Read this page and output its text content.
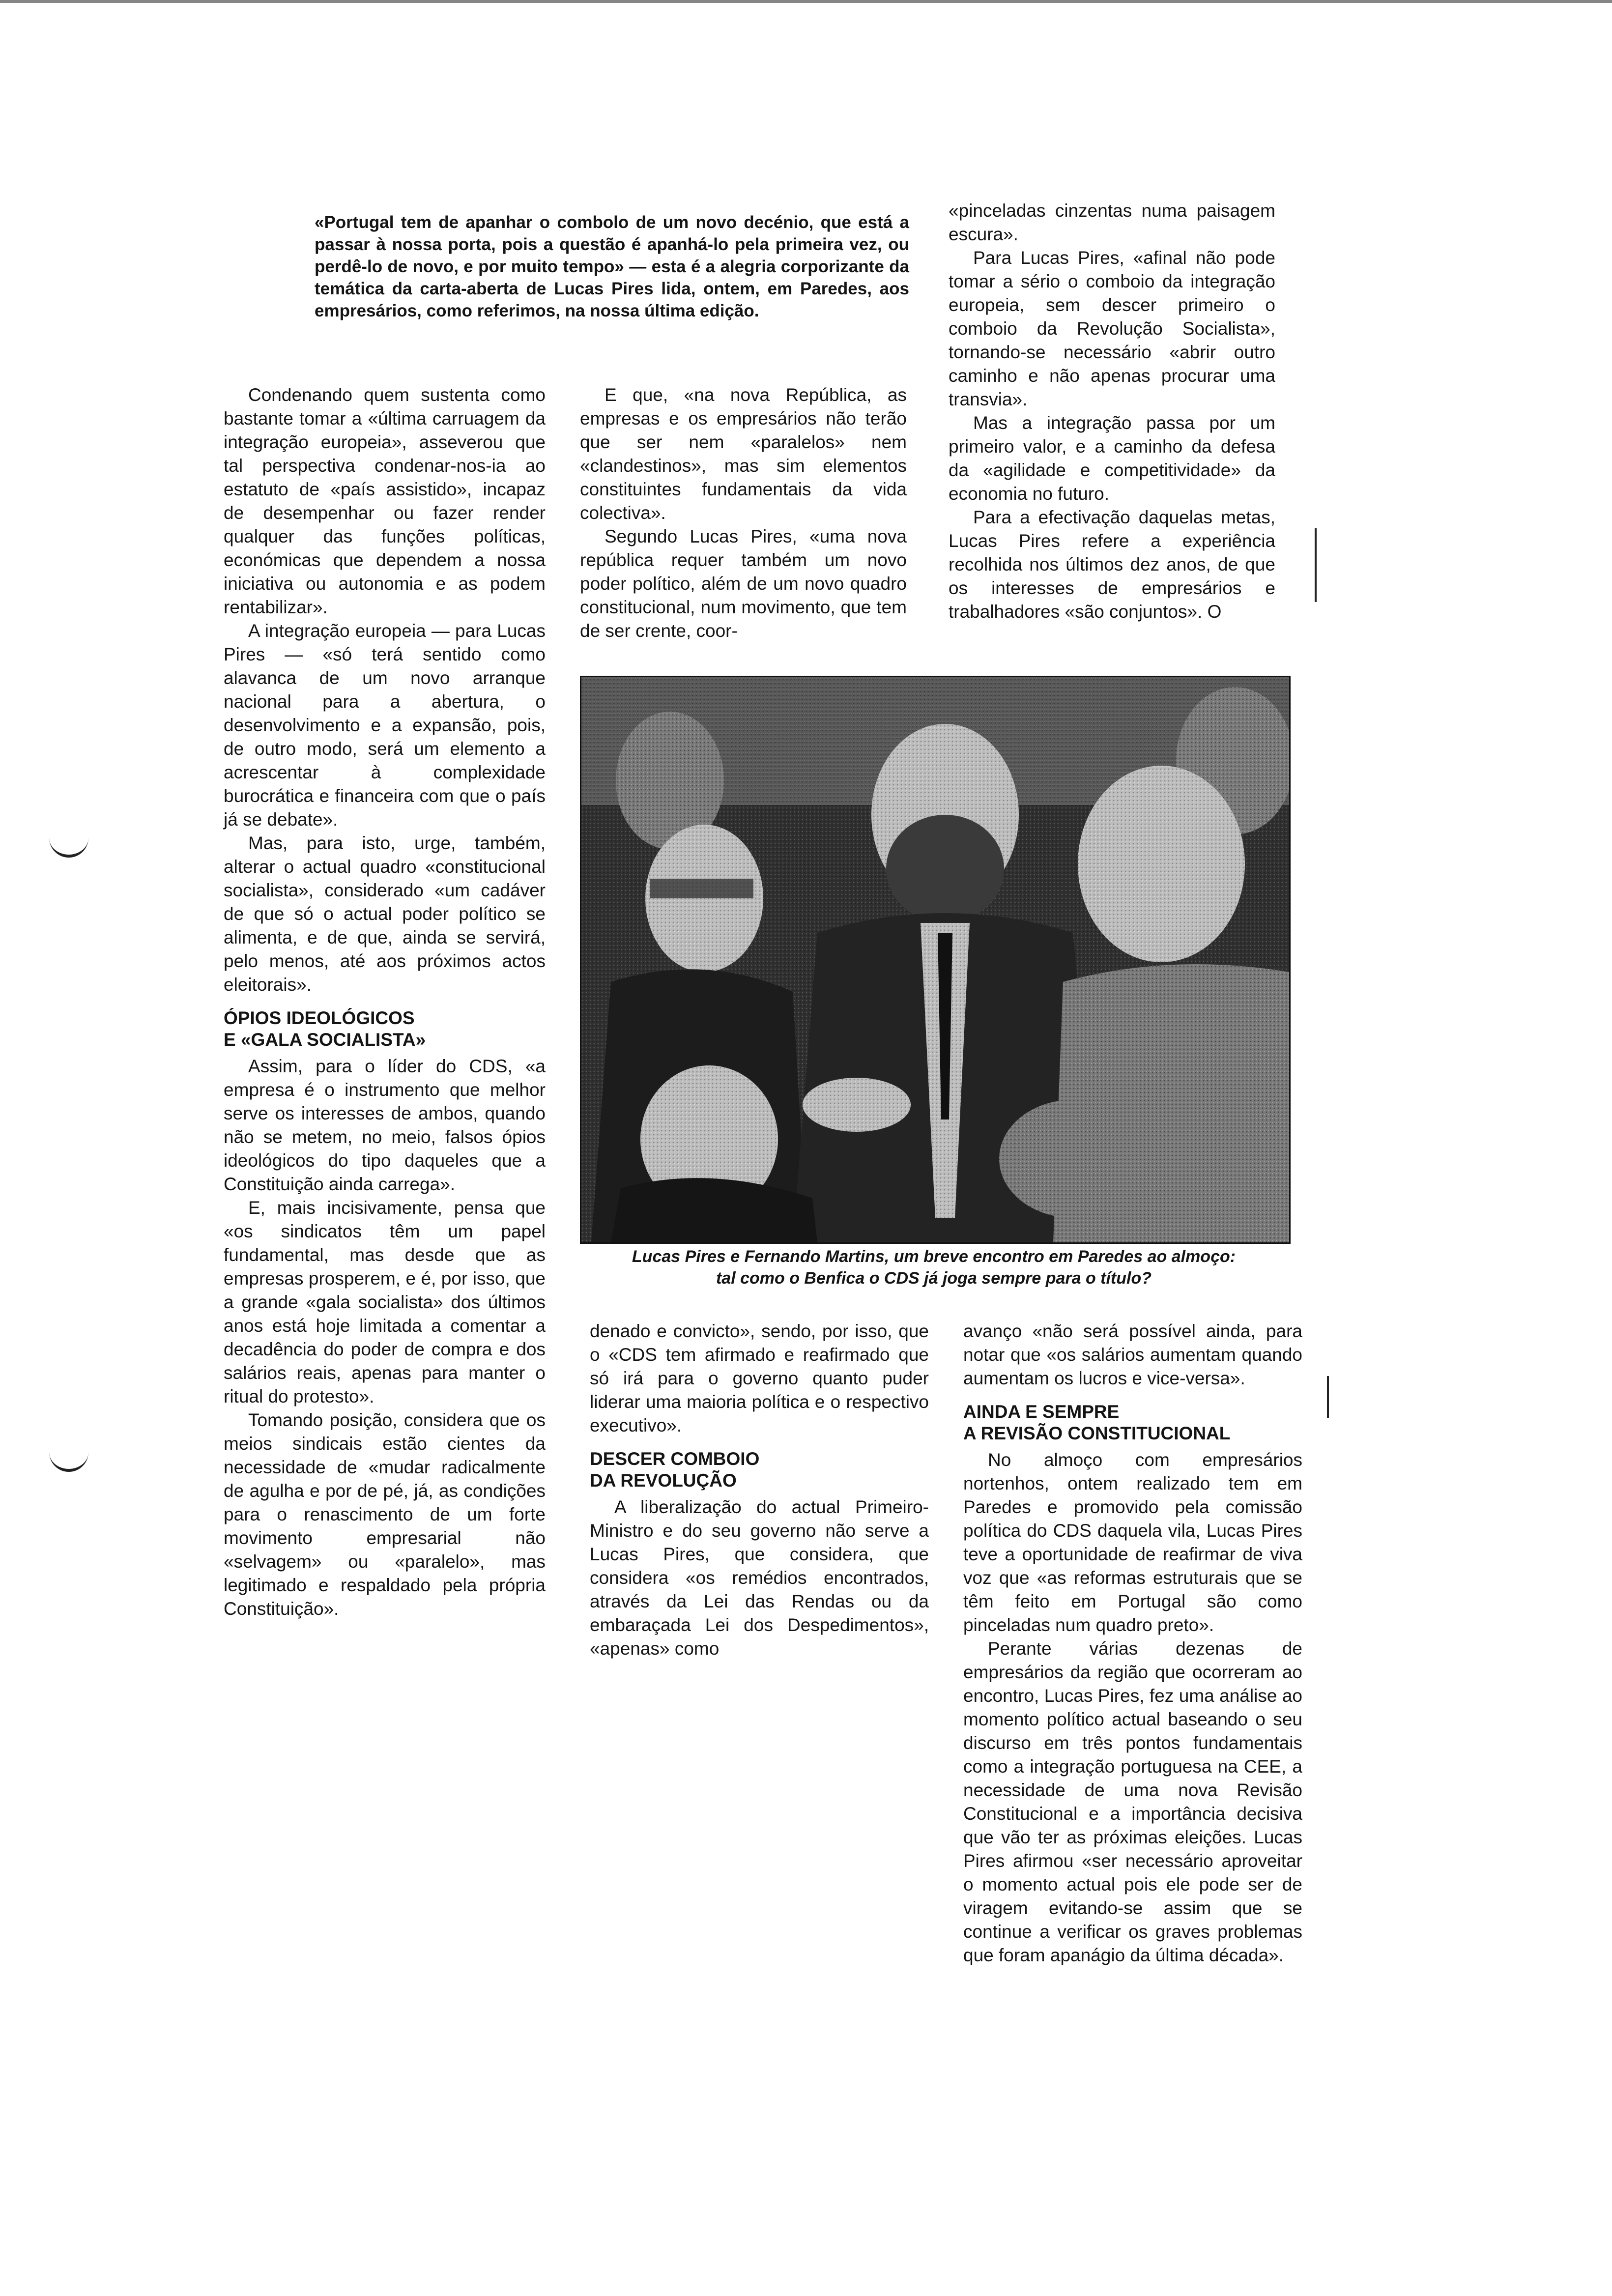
«Portugal tem de apanhar o combolo de um novo decénio, que está a passar à nossa porta, pois a questão é apanhá-lo pela primeira vez, ou perdê-lo de novo, e por muito tempo» — esta é a alegria corporizante da temática da carta-aberta de Lucas Pires lida, ontem, em Paredes, aos empresários, como referimos, na nossa última edição.

Condenando quem sustenta como bastante tomar a «última carruagem da integração europeia», asseverou que tal perspectiva condenar-nos-ia ao estatuto de «país assistido», incapaz de desempenhar ou fazer render qualquer das funções políticas, económicas que dependem a nossa iniciativa ou autonomia e as podem rentabilizar».

A integração europeia — para Lucas Pires — «só terá sentido como alavanca de um novo arranque nacional para a abertura, o desenvolvimento e a expansão, pois, de outro modo, será um elemento a acrescentar à complexidade burocrática e financeira com que o país já se debate».

Mas, para isto, urge, também, alterar o actual quadro «constitucional socialista», considerado «um cadáver de que só o actual poder político se alimenta, e de que, ainda se servirá, pelo menos, até aos próximos actos eleitorais».

ÓPIOS IDEOLÓGICOS
E «GALA SOCIALISTA»

Assim, para o líder do CDS, «a empresa é o instrumento que melhor serve os interesses de ambos, quando não se metem, no meio, falsos ópios ideológicos do tipo daqueles que a Constituição ainda carrega».

E, mais incisivamente, pensa que «os sindicatos têm um papel fundamental, mas desde que as empresas prosperem, e é, por isso, que a grande «gala socialista» dos últimos anos está hoje limitada a comentar a decadência do poder de compra e dos salários reais, apenas para manter o ritual do protesto».

Tomando posição, considera que os meios sindicais estão cientes da necessidade de «mudar radicalmente de agulha e por de pé, já, as condições para o renascimento de um forte movimento empresarial não «selvagem» ou «paralelo», mas legitimado e respaldado pela própria Constituição».

E que, «na nova República, as empresas e os empresários não terão que ser nem «paralelos» nem «clandestinos», mas sim elementos constituintes fundamentais da vida colectiva».

Segundo Lucas Pires, «uma nova república requer também um novo poder político, além de um novo quadro constitucional, num movimento, que tem de ser crente, coor-

«pinceladas cinzentas numa paisagem escura».

Para Lucas Pires, «afinal não pode tomar a sério o comboio da integração europeia, sem descer primeiro o comboio da Revolução Socialista», tornando-se necessário «abrir outro caminho e não apenas procurar uma transvia».

Mas a integração passa por um primeiro valor, e a caminho da defesa da «agilidade e competitividade» da economia no futuro.

Para a efectivação daquelas metas, Lucas Pires refere a experiência recolhida nos últimos dez anos, de que os interesses de empresários e trabalhadores «são conjuntos». O

Lucas Pires e Fernando Martins, um breve encontro em Paredes ao almoço:
tal como o Benfica o CDS já joga sempre para o título?

denado e convicto», sendo, por isso, que o «CDS tem afirmado e reafirmado que só irá para o governo quanto puder liderar uma maioria política e o respectivo executivo».

DESCER COMBOIO
DA REVOLUÇÃO

A liberalização do actual Primeiro-Ministro e do seu governo não serve a Lucas Pires, que considera, que considera «os remédios encontrados, através da Lei das Rendas ou da embaraçada Lei dos Despedimentos», «apenas» como

avanço «não será possível ainda, para notar que «os salários aumentam quando aumentam os lucros e vice-versa».

AINDA E SEMPRE
A REVISÃO CONSTITUCIONAL

No almoço com empresários nortenhos, ontem realizado tem em Paredes e promovido pela comissão política do CDS daquela vila, Lucas Pires teve a oportunidade de reafirmar de viva voz que «as reformas estruturais que se têm feito em Portugal são como pinceladas num quadro preto».

Perante várias dezenas de empresários da região que ocorreram ao encontro, Lucas Pires, fez uma análise ao momento político actual baseando o seu discurso em três pontos fundamentais como a integração portuguesa na CEE, a necessidade de uma nova Revisão Constitucional e a importância decisiva que vão ter as próximas eleições. Lucas Pires afirmou «ser necessário aproveitar o momento actual pois ele pode ser de viragem evitando-se assim que se continue a verificar os graves problemas que foram apanágio da última década».
